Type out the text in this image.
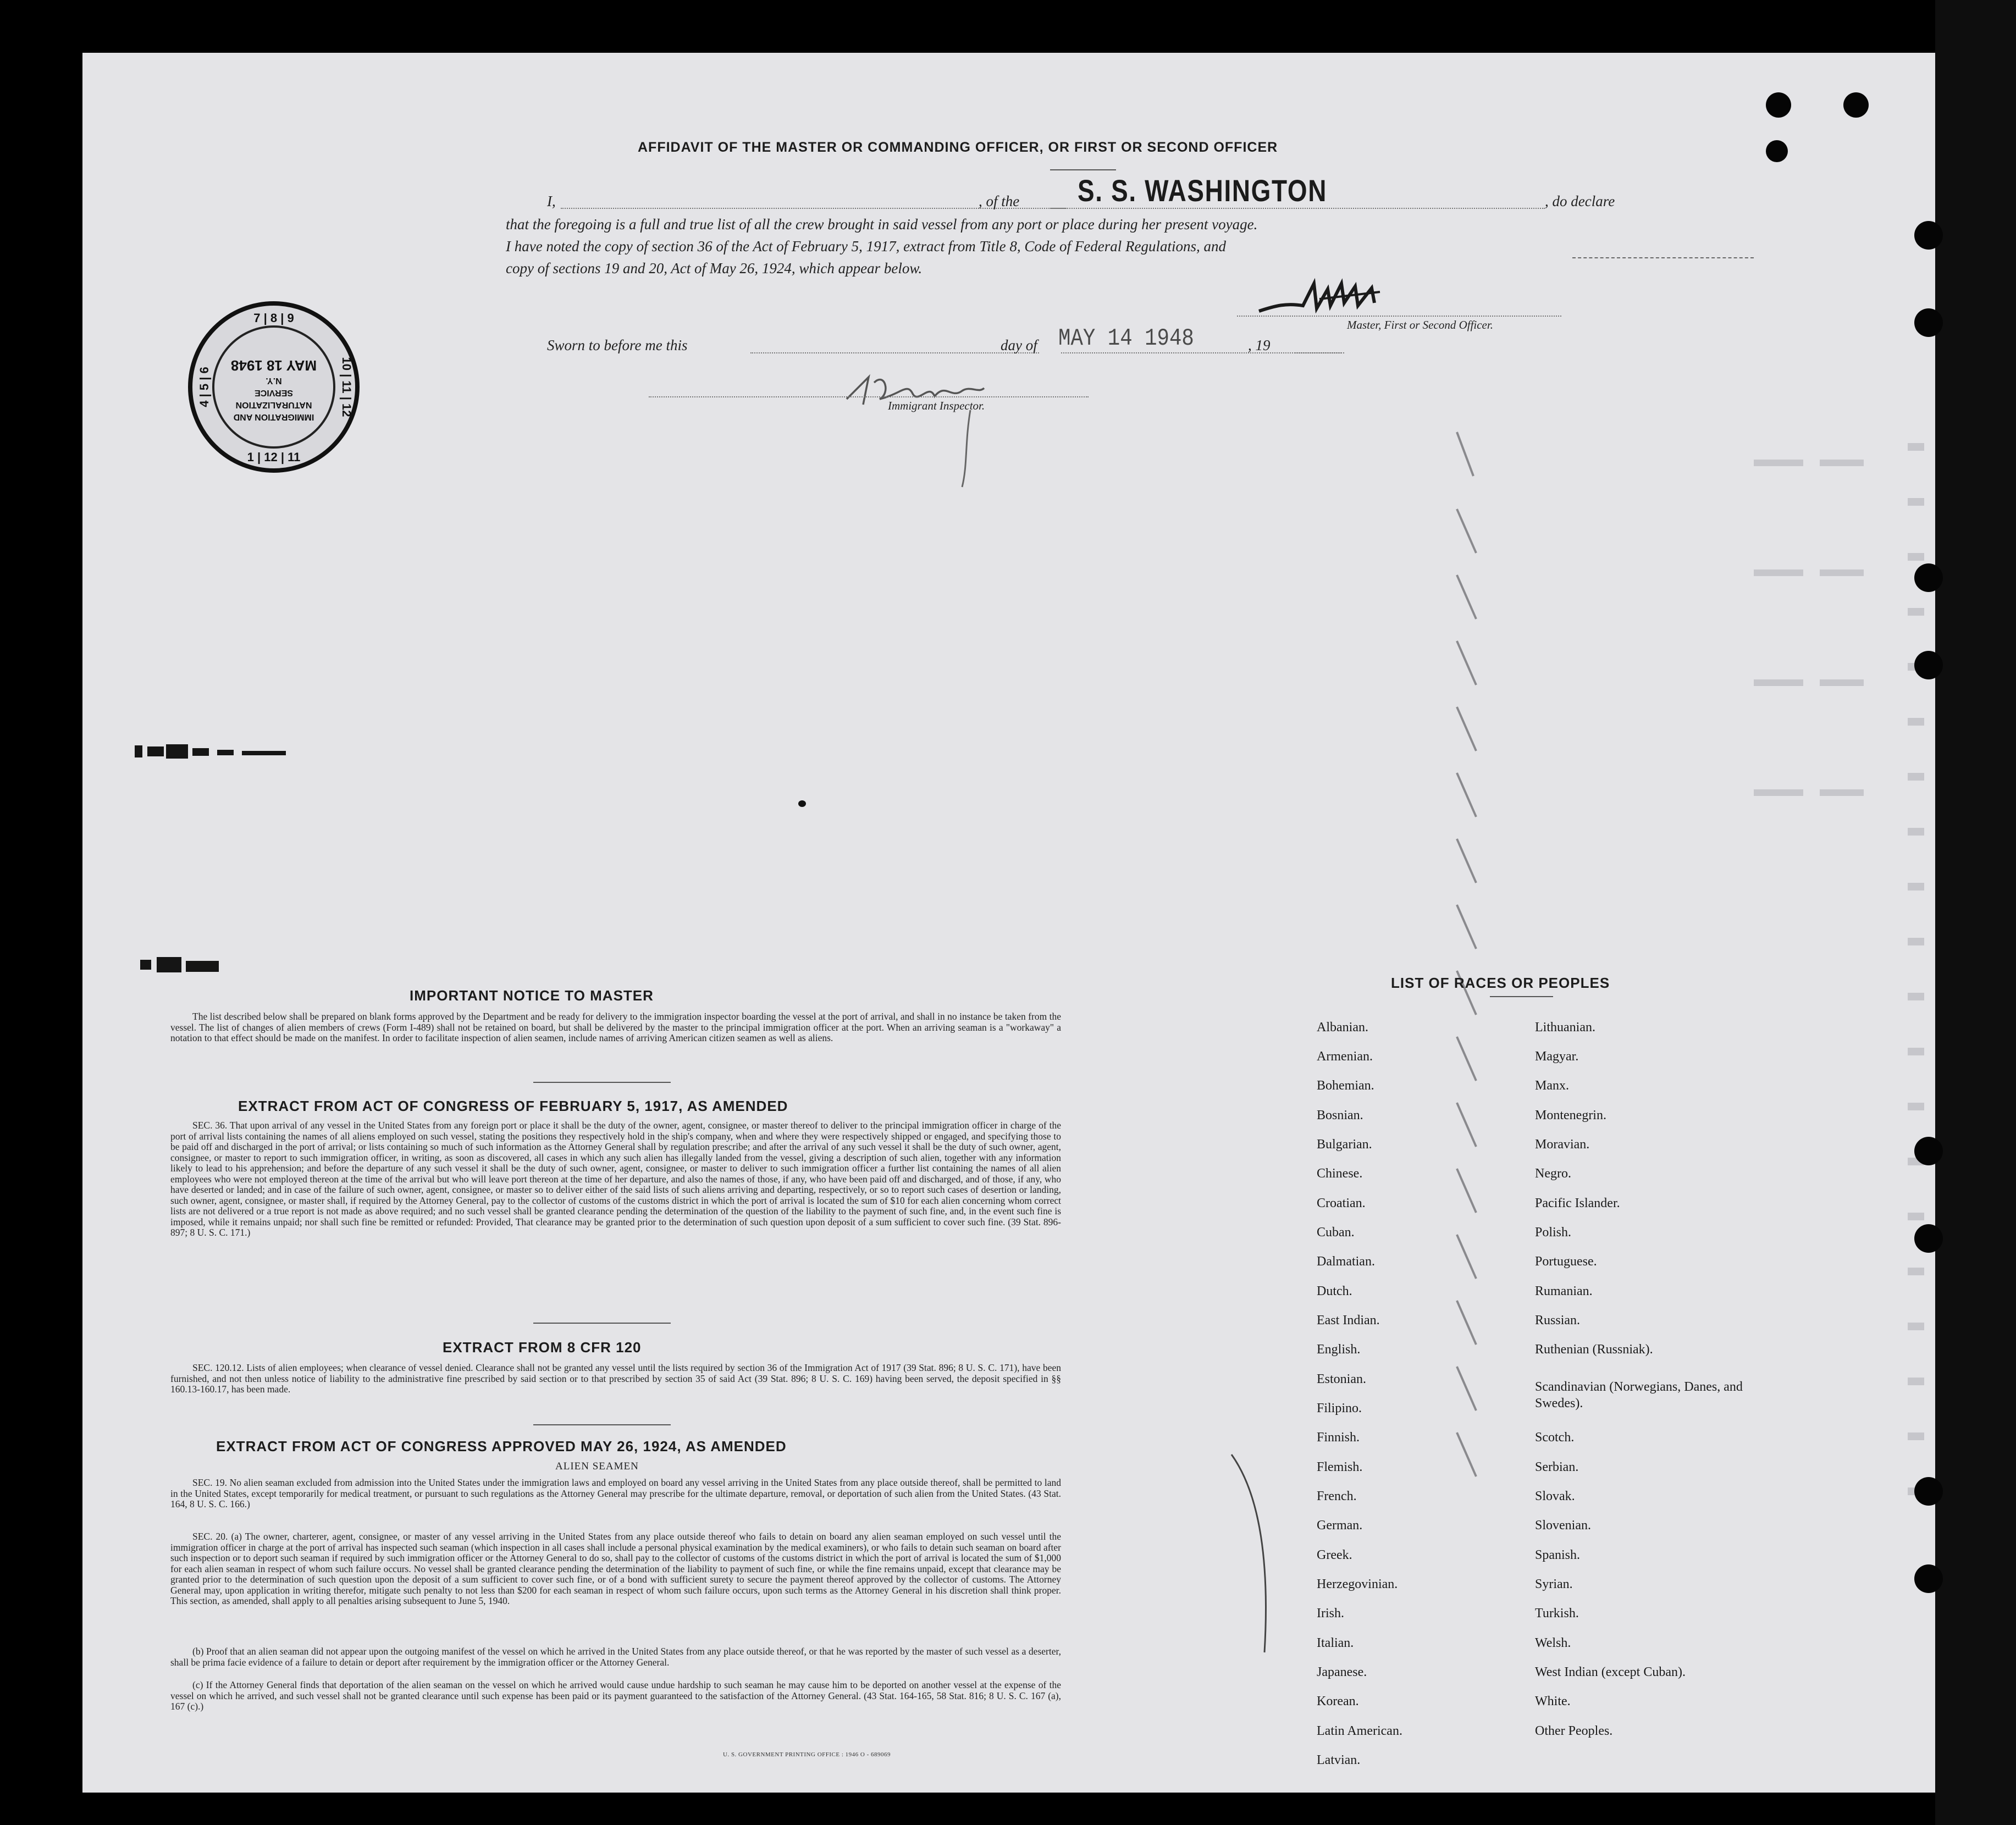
AFFIDAVIT OF THE MASTER OR COMMANDING OFFICER, OR FIRST OR SECOND OFFICER
I,	, of the S. S. WASHINGTON	, do declare
that the foregoing is a full and true list of all the crew brought in said vessel from any port or place during her present voyage.
I have noted the copy of section 36 of the Act of February 5, 1917, extract from Title 8, Code of Federal Regulations, and
copy of sections 19 and 20, Act of May 26, 1924, which appear below.
Master, First or Second Officer.
Sworn to before me this	day of MAY 14 1948	, 19
Immigrant Inspector.
7 | 8 | 9
1 | 12 | 11
4 | 5 | 6	10 | 11 | 12
IMMIGRATION AND
NATURALIZATION
SERVICE
N.Y.
MAY 18 1948
IMPORTANT NOTICE TO MASTER
The list described below shall be prepared on blank forms approved by the Department and be ready for delivery to the immigration inspector boarding the vessel at the port of arrival, and shall in no instance be taken from the vessel. The list of changes of alien members of crews (Form I-489) shall not be retained on board, but shall be delivered by the master to the principal immigration officer at the port. When an arriving seaman is a "workaway" a notation to that effect should be made on the manifest. In order to facilitate inspection of alien seamen, include names of arriving American citizen seamen as well as aliens.
EXTRACT FROM ACT OF CONGRESS OF FEBRUARY 5, 1917, AS AMENDED
SEC. 36. That upon arrival of any vessel in the United States from any foreign port or place it shall be the duty of the owner, agent, consignee, or master thereof to deliver to the principal immigration officer in charge of the port of arrival lists containing the names of all aliens employed on such vessel, stating the positions they respectively hold in the ship's company, when and where they were respectively shipped or engaged, and specifying those to be paid off and discharged in the port of arrival; or lists containing so much of such information as the Attorney General shall by regulation prescribe; and after the arrival of any such vessel it shall be the duty of such owner, agent, consignee, or master to report to such immigration officer, in writing, as soon as discovered, all cases in which any such alien has illegally landed from the vessel, giving a description of such alien, together with any information likely to lead to his apprehension; and before the departure of any such vessel it shall be the duty of such owner, agent, consignee, or master to deliver to such immigration officer a further list containing the names of all alien employees who were not employed thereon at the time of the arrival but who will leave port thereon at the time of her departure, and also the names of those, if any, who have been paid off and discharged, and of those, if any, who have deserted or landed; and in case of the failure of such owner, agent, consignee, or master so to deliver either of the said lists of such aliens arriving and departing, respectively, or so to report such cases of desertion or landing, such owner, agent, consignee, or master shall, if required by the Attorney General, pay to the collector of customs of the customs district in which the port of arrival is located the sum of $10 for each alien concerning whom correct lists are not delivered or a true report is not made as above required; and no such vessel shall be granted clearance pending the determination of the question of the liability to the payment of such fine, and, in the event such fine is imposed, while it remains unpaid; nor shall such fine be remitted or refunded: Provided, That clearance may be granted prior to the determination of such question upon deposit of a sum sufficient to cover such fine. (39 Stat. 896-897; 8 U. S. C. 171.)
EXTRACT FROM 8 CFR 120
SEC. 120.12. Lists of alien employees; when clearance of vessel denied. Clearance shall not be granted any vessel until the lists required by section 36 of the Immigration Act of 1917 (39 Stat. 896; 8 U. S. C. 171), have been furnished, and not then unless notice of liability to the administrative fine prescribed by said section or to that prescribed by section 35 of said Act (39 Stat. 896; 8 U. S. C. 169) having been served, the deposit specified in §§ 160.13-160.17, has been made.
EXTRACT FROM ACT OF CONGRESS APPROVED MAY 26, 1924, AS AMENDED
ALIEN SEAMEN
SEC. 19. No alien seaman excluded from admission into the United States under the immigration laws and employed on board any vessel arriving in the United States from any place outside thereof, shall be permitted to land in the United States, except temporarily for medical treatment, or pursuant to such regulations as the Attorney General may prescribe for the ultimate departure, removal, or deportation of such alien from the United States. (43 Stat. 164, 8 U. S. C. 166.)
SEC. 20. (a) The owner, charterer, agent, consignee, or master of any vessel arriving in the United States from any place outside thereof who fails to detain on board any alien seaman employed on such vessel until the immigration officer in charge at the port of arrival has inspected such seaman (which inspection in all cases shall include a personal physical examination by the medical examiners), or who fails to detain such seaman on board after such inspection or to deport such seaman if required by such immigration officer or the Attorney General to do so, shall pay to the collector of customs of the customs district in which the port of arrival is located the sum of $1,000 for each alien seaman in respect of whom such failure occurs. No vessel shall be granted clearance pending the determination of the liability to payment of such fine, or while the fine remains unpaid, except that clearance may be granted prior to the determination of such question upon the deposit of a sum sufficient to cover such fine, or of a bond with sufficient surety to secure the payment thereof approved by the collector of customs. The Attorney General may, upon application in writing therefor, mitigate such penalty to not less than $200 for each seaman in respect of whom such failure occurs, upon such terms as the Attorney General in his discretion shall think proper. This section, as amended, shall apply to all penalties arising subsequent to June 5, 1940.
(b) Proof that an alien seaman did not appear upon the outgoing manifest of the vessel on which he arrived in the United States from any place outside thereof, or that he was reported by the master of such vessel as a deserter, shall be prima facie evidence of a failure to detain or deport after requirement by the immigration officer or the Attorney General.
(c) If the Attorney General finds that deportation of the alien seaman on the vessel on which he arrived would cause undue hardship to such seaman he may cause him to be deported on another vessel at the expense of the vessel on which he arrived, and such vessel shall not be granted clearance until such expense has been paid or its payment guaranteed to the satisfaction of the Attorney General. (43 Stat. 164-165, 58 Stat. 816; 8 U. S. C. 167 (a), 167 (c).)
U. S. GOVERNMENT PRINTING OFFICE : 1946 O - 689069
LIST OF RACES OR PEOPLES
Albanian.
Armenian.
Bohemian.
Bosnian.
Bulgarian.
Chinese.
Croatian.
Cuban.
Dalmatian.
Dutch.
East Indian.
English.
Estonian.
Filipino.
Finnish.
Flemish.
French.
German.
Greek.
Herzegovinian.
Irish.
Italian.
Japanese.
Korean.
Latin American.
Latvian.
Lithuanian.
Magyar.
Manx.
Montenegrin.
Moravian.
Negro.
Pacific Islander.
Polish.
Portuguese.
Rumanian.
Russian.
Ruthenian (Russniak).
Scandinavian (Norwegians, Danes, and Swedes).
Scotch.
Serbian.
Slovak.
Slovenian.
Spanish.
Syrian.
Turkish.
Welsh.
West Indian (except Cuban).
White.
Other Peoples.
